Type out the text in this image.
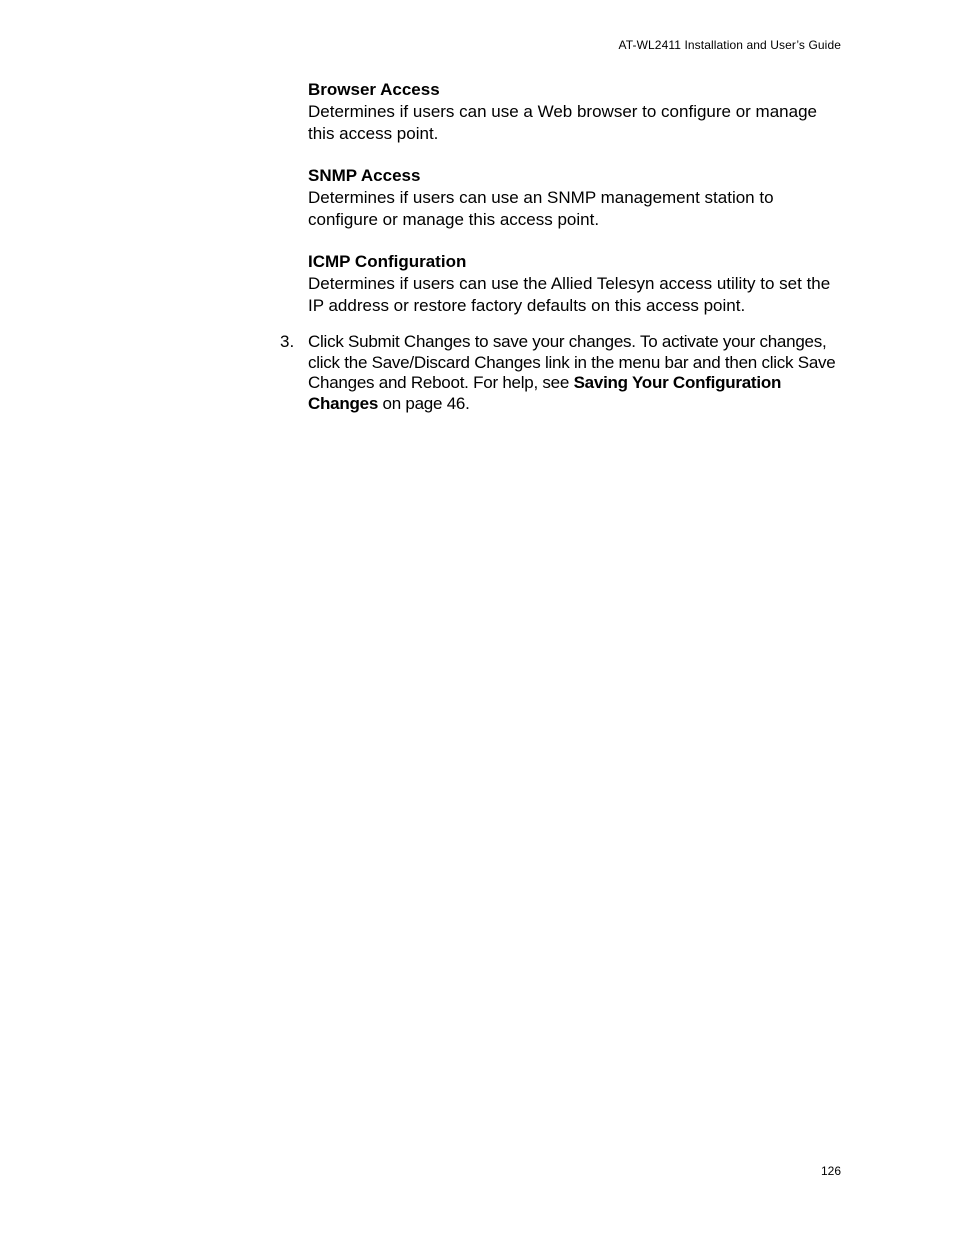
AT-WL2411 Installation and User’s Guide

Browser Access

Determines if users can use a Web browser to configure or manage this access point.

SNMP Access

Determines if users can use an SNMP management station to configure or manage this access point.

ICMP Configuration

Determines if users can use the Allied Telesyn access utility to set the IP address or restore factory defaults on this access point.

3. Click Submit Changes to save your changes. To activate your changes, click the Save/Discard Changes link in the menu bar and then click Save Changes and Reboot. For help, see Saving Your Configuration Changes on page 46.
126
